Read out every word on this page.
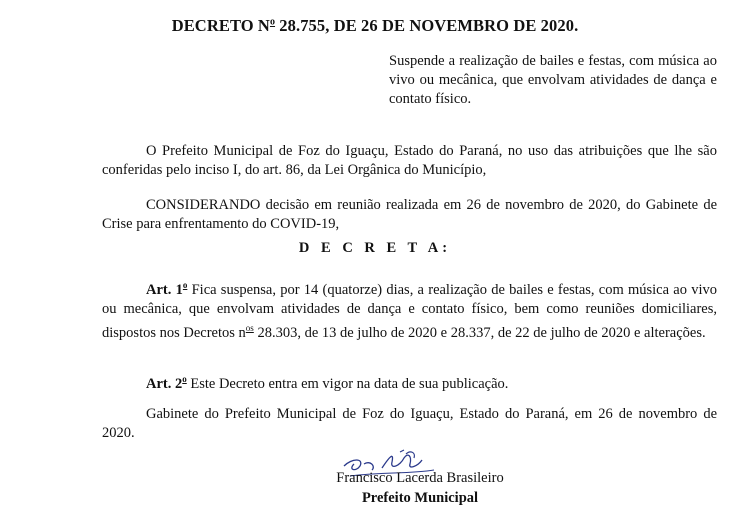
DECRETO $N^o$ 28.755, DE 26 DE NOVEMBRO DE 2020.
Suspende a realização de bailes e festas, com música ao vivo ou mecânica, que envolvam atividades de dança e contato físico.
O Prefeito Municipal de Foz do Iguaçu, Estado do Paraná, no uso das atribuições que lhe são conferidas pelo inciso I, do art. 86, da Lei Orgânica do Município,
CONSIDERANDO decisão em reunião realizada em 26 de novembro de 2020, do Gabinete de Crise para enfrentamento do COVID-19,
D E C R E T A:
Art. 1$^o$ Fica suspensa, por 14 (quatorze) dias, a realização de bailes e festas, com música ao vivo ou mecânica, que envolvam atividades de dança e contato físico, bem como reuniões domiciliares, dispostos nos Decretos $n^{os}$ 28.303, de 13 de julho de 2020 e 28.337, de 22 de julho de 2020 e alterações.
Art. 2$^o$ Este Decreto entra em vigor na data de sua publicação.
Gabinete do Prefeito Municipal de Foz do Iguaçu, Estado do Paraná, em 26 de novembro de 2020.
Francisco Lacerda Brasileiro
Prefeito Municipal
